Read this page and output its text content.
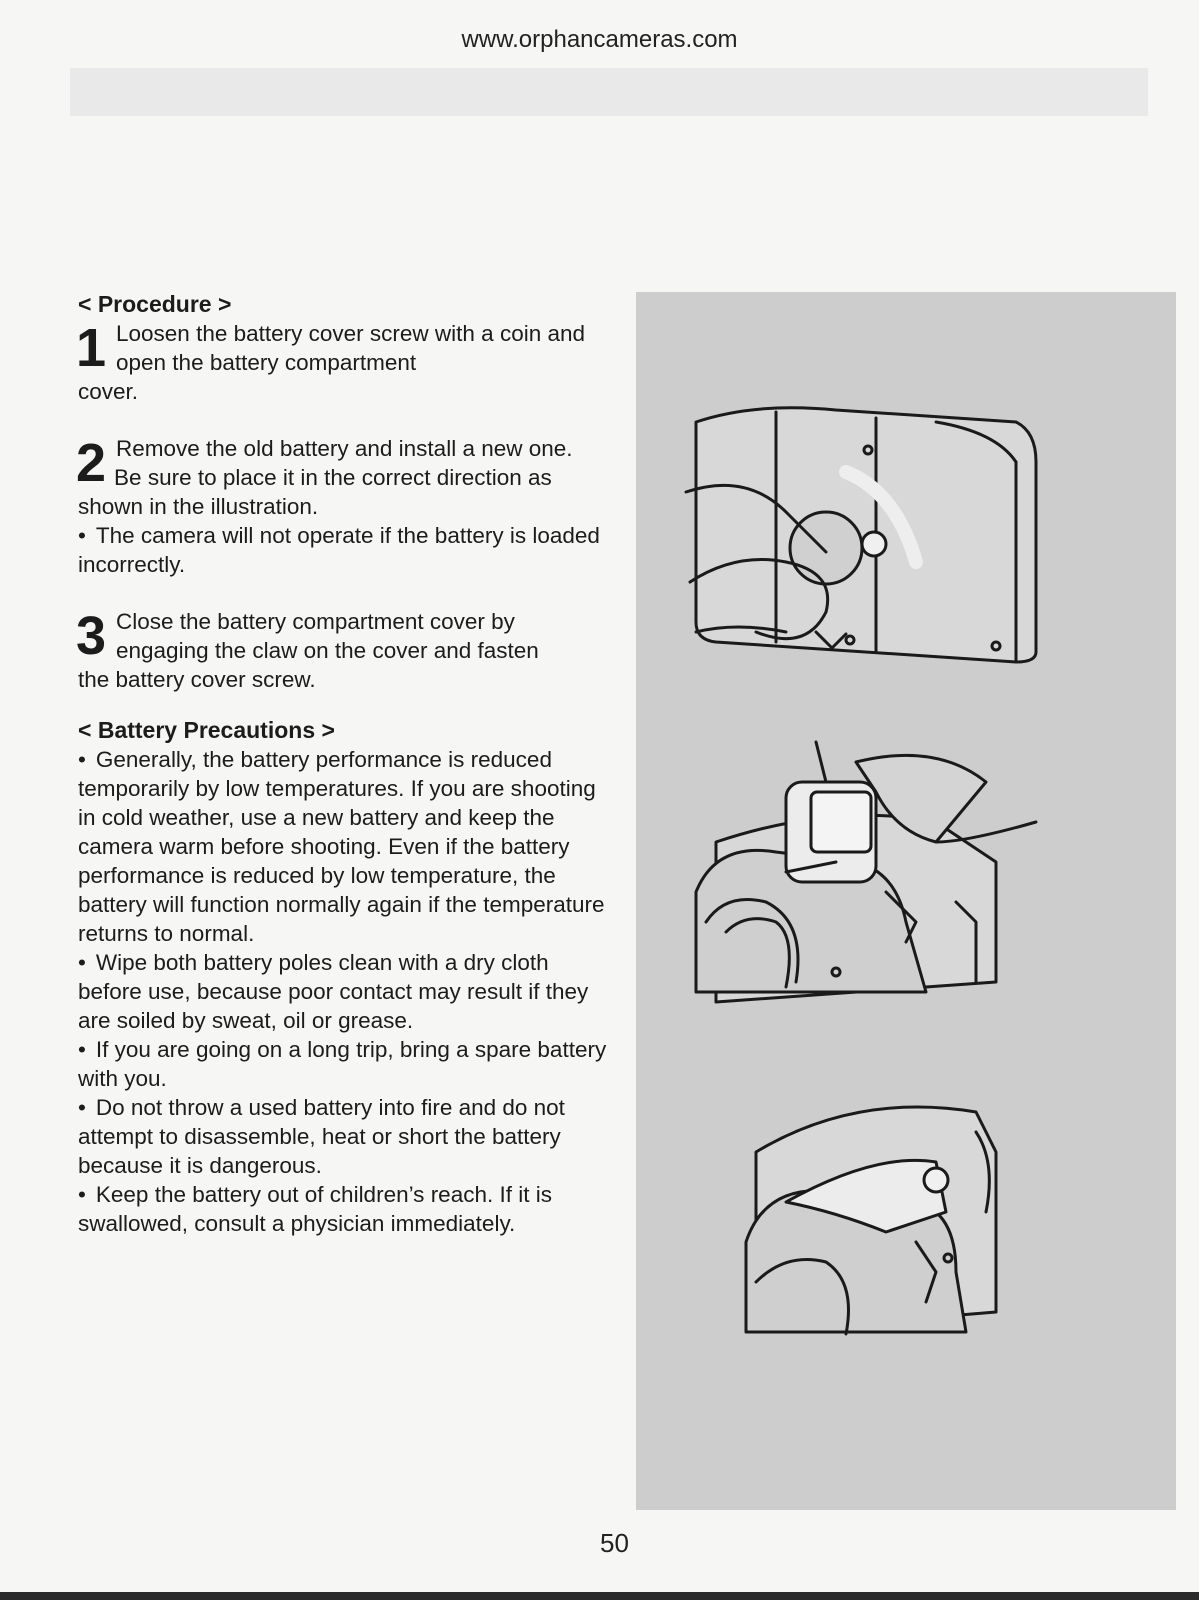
www.orphancameras.com
< Procedure >
1 Loosen the battery cover screw with a coin and open the battery compartment

cover.

2 Remove the old battery and install a new one.

Be sure to place it in the correct direction as shown in the illustration.

• The camera will not operate if the battery is loaded incorrectly.

3 Close the battery compartment cover by engaging the claw on the cover and fasten

the battery cover screw.

< Battery Precautions >

• Generally, the battery performance is reduced temporarily by low temperatures. If you are shooting in cold weather, use a new battery and keep the camera warm before shooting. Even if the battery performance is reduced by low temperature, the battery will function normally again if the temperature returns to normal.

• Wipe both battery poles clean with a dry cloth before use, because poor contact may result if they are soiled by sweat, oil or grease.

• If you are going on a long trip, bring a spare battery with you.

• Do not throw a used battery into fire and do not attempt to disassemble, heat or short the battery because it is dangerous.

• Keep the battery out of children’s reach. If it is swallowed, consult a physician immediately.

50
